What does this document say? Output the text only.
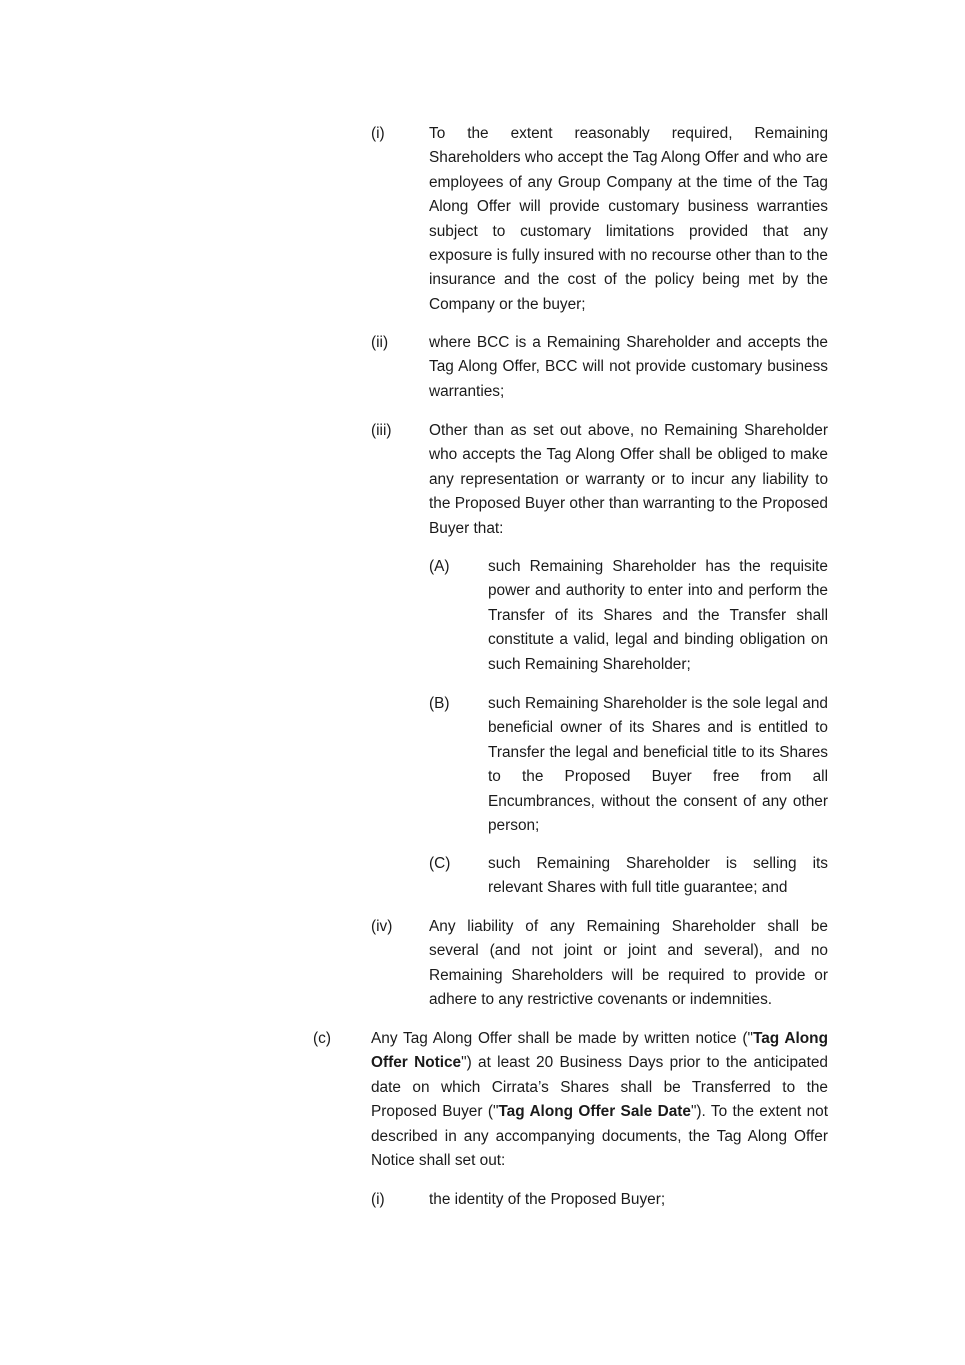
(i)	To the extent reasonably required, Remaining Shareholders who accept the Tag Along Offer and who are employees of any Group Company at the time of the Tag Along Offer will provide customary business warranties subject to customary limitations provided that any exposure is fully insured with no recourse other than to the insurance and the cost of the policy being met by the Company or the buyer;
(ii)	where BCC is a Remaining Shareholder and accepts the Tag Along Offer, BCC will not provide customary business warranties;
(iii) Other than as set out above, no Remaining Shareholder who accepts the Tag Along Offer shall be obliged to make any representation or warranty or to incur any liability to the Proposed Buyer other than warranting to the Proposed Buyer that:
(A) such Remaining Shareholder has the requisite power and authority to enter into and perform the Transfer of its Shares and the Transfer shall constitute a valid, legal and binding obligation on such Remaining Shareholder;
(B) such Remaining Shareholder is the sole legal and beneficial owner of its Shares and is entitled to Transfer the legal and beneficial title to its Shares to the Proposed Buyer free from all Encumbrances, without the consent of any other person;
(C) such Remaining Shareholder is selling its relevant Shares with full title guarantee; and
(iv) Any liability of any Remaining Shareholder shall be several (and not joint or joint and several), and no Remaining Shareholders will be required to provide or adhere to any restrictive covenants or indemnities.
(c)	Any Tag Along Offer shall be made by written notice ("Tag Along Offer Notice") at least 20 Business Days prior to the anticipated date on which Cirrata’s Shares shall be Transferred to the Proposed Buyer ("Tag Along Offer Sale Date"). To the extent not described in any accompanying documents, the Tag Along Offer Notice shall set out:
(i)	the identity of the Proposed Buyer;
